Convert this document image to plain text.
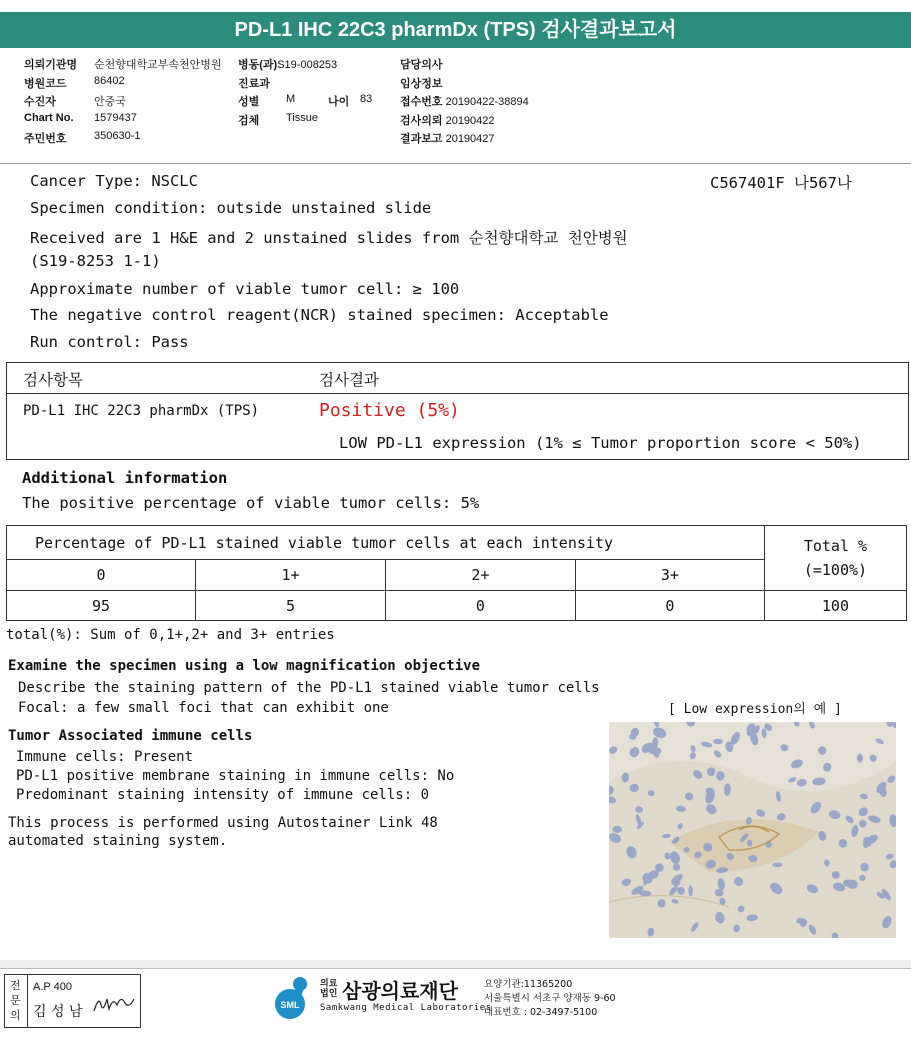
PD-L1 IHC 22C3 pharmDx (TPS) 검사결과보고서
의뢰기관명 순천향대학교부속천안병원
병원코드 86402
수진자	안중국
Chart No. 1579437
주민번호 350630-1
병동(과)S19-008253
진료과
성별 M	나이 83
검체 Tissue
담당의사
임상정보
접수번호 20190422-38894
검사의뢰 20190422
결과보고 20190427
Cancer Type: NSCLC	C567401F 나567나
Specimen condition: outside unstained slide
Received are 1 H&E and 2 unstained slides from 순천향대학교 천안병원
(S19-8253 1-1)
Approximate number of viable tumor cell: ≥ 100
The negative control reagent(NCR) stained specimen: Acceptable
Run control: Pass
검사항목	검사결과
PD-L1 IHC 22C3 pharmDx (TPS)	Positive (5%)
LOW PD-L1 expression (1% ≤ Tumor proportion score < 50%)
Additional information
The positive percentage of viable tumor cells: 5%
Percentage of PD-L1 stained viable tumor cells at each intensity				Total %
(=100%)

0	1+	2+	3+	
95	5	0	0	100
total(%): Sum of 0,1+,2+ and 3+ entries
Examine the specimen using a low magnification objective
Describe the staining pattern of the PD-L1 stained viable tumor cells
Focal: a few small foci that can exhibit one	[ Low expression의 예 ]
Tumor Associated immune cells
Immune cells: Present
PD-L1 positive membrane staining in immune cells: No
Predominant staining intensity of immune cells: 0
This process is performed using Autostainer Link 48
automated staining system.
전문의
A.P 400
김 성 남	SML
의료법인 삼광의료재단
Samkwang Medical Laboratories
요양기관:11365200
서울특별시 서초구 양재동 9-60
대표번호 : 02-3497-5100
